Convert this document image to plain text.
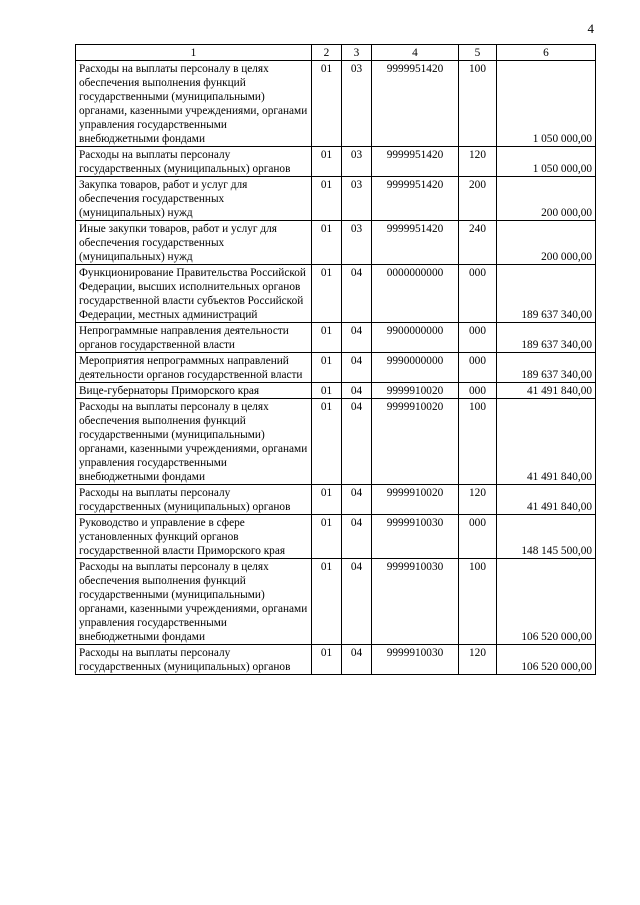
4
1	2	3	4	5	6
Расходы на выплаты персоналу в целях обеспечения выполнения функций государственными (муниципальными) органами, казенными учреждениями, органами управления государственными внебюджетными фондами	01	03	9999951420	100	1 050 000,00
Расходы на выплаты персоналу государственных (муниципальных) органов	01	03	9999951420	120	1 050 000,00
Закупка товаров, работ и услуг для обеспечения государственных (муниципальных) нужд	01	03	9999951420	200	200 000,00
Иные закупки товаров, работ и услуг для обеспечения государственных (муниципальных) нужд	01	03	9999951420	240	200 000,00
Функционирование Правительства Российской Федерации, высших исполнительных органов государственной власти субъектов Российской Федерации, местных администраций	01	04	0000000000	000	189 637 340,00
Непрограммные направления деятельности органов государственной власти	01	04	9900000000	000	189 637 340,00
Мероприятия непрограммных направлений деятельности органов государственной власти	01	04	9990000000	000	189 637 340,00
Вице-губернаторы Приморского края	01	04	9999910020	000	41 491 840,00
Расходы на выплаты персоналу в целях обеспечения выполнения функций государственными (муниципальными) органами, казенными учреждениями, органами управления государственными внебюджетными фондами	01	04	9999910020	100	41 491 840,00
Расходы на выплаты персоналу государственных (муниципальных) органов	01	04	9999910020	120	41 491 840,00
Руководство и управление в сфере установленных функций органов государственной власти Приморского края	01	04	9999910030	000	148 145 500,00
Расходы на выплаты персоналу в целях обеспечения выполнения функций государственными (муниципальными) органами, казенными учреждениями, органами управления государственными внебюджетными фондами	01	04	9999910030	100	106 520 000,00
Расходы на выплаты персоналу государственных (муниципальных) органов	01	04	9999910030	120	106 520 000,00
